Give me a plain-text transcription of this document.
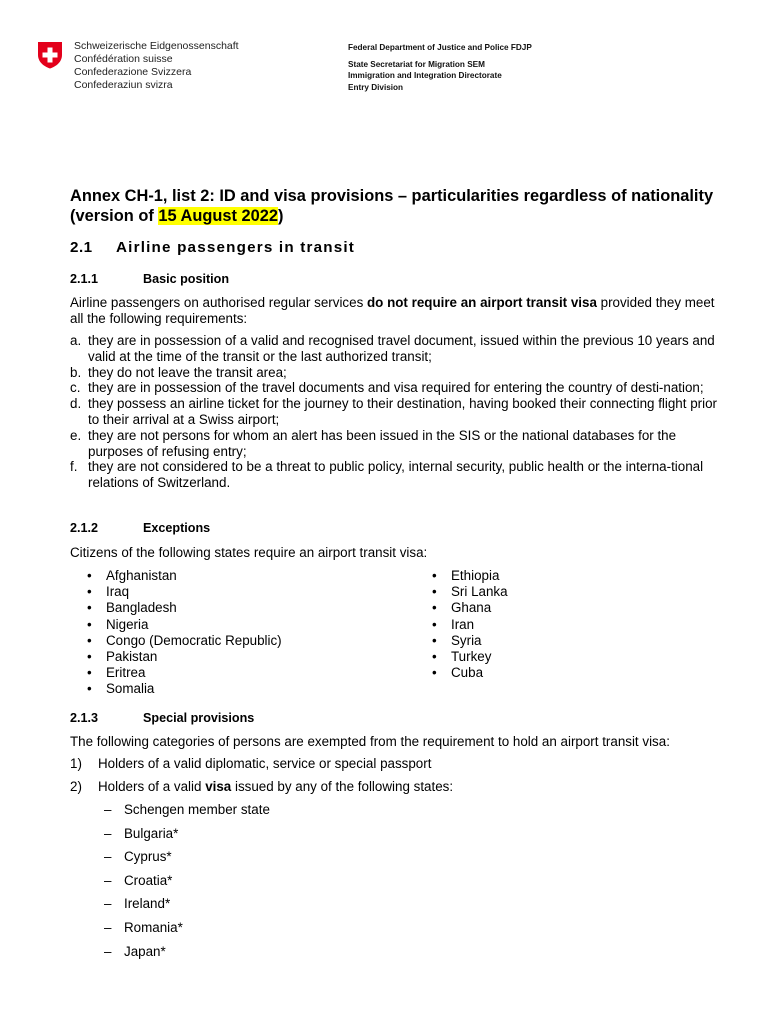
Schweizerische Eidgenossenschaft
Confédération suisse
Confederazione Svizzera
Confederaziun svizra
Federal Department of Justice and Police FDJP
State Secretariat for Migration SEM
Immigration and Integration Directorate
Entry Division
Annex CH-1, list 2: ID and visa provisions – particularities regardless of nationality (version of 15 August 2022)
2.1 Airline passengers in transit
2.1.1	Basic position
Airline passengers on authorised regular services do not require an airport transit visa provided they meet all the following requirements:
a. they are in possession of a valid and recognised travel document, issued within the previous 10 years and valid at the time of the transit or the last authorized transit;
b. they do not leave the transit area;
c. they are in possession of the travel documents and visa required for entering the country of desti-nation;
d. they possess an airline ticket for the journey to their destination, having booked their connecting flight prior to their arrival at a Swiss airport;
e. they are not persons for whom an alert has been issued in the SIS or the national databases for the purposes of refusing entry;
f. they are not considered to be a threat to public policy, internal security, public health or the interna-tional relations of Switzerland.
2.1.2	Exceptions
Citizens of the following states require an airport transit visa:
• Afghanistan
• Iraq
• Bangladesh
• Nigeria
• Congo (Democratic Republic)
• Pakistan
• Eritrea
• Somalia
• Ethiopia
• Sri Lanka
• Ghana
• Iran
• Syria
• Turkey
• Cuba
2.1.3	Special provisions
The following categories of persons are exempted from the requirement to hold an airport transit visa:
1) Holders of a valid diplomatic, service or special passport
2) Holders of a valid visa issued by any of the following states:
– Schengen member state
– Bulgaria*
– Cyprus*
– Croatia*
– Ireland*
– Romania*
– Japan*
